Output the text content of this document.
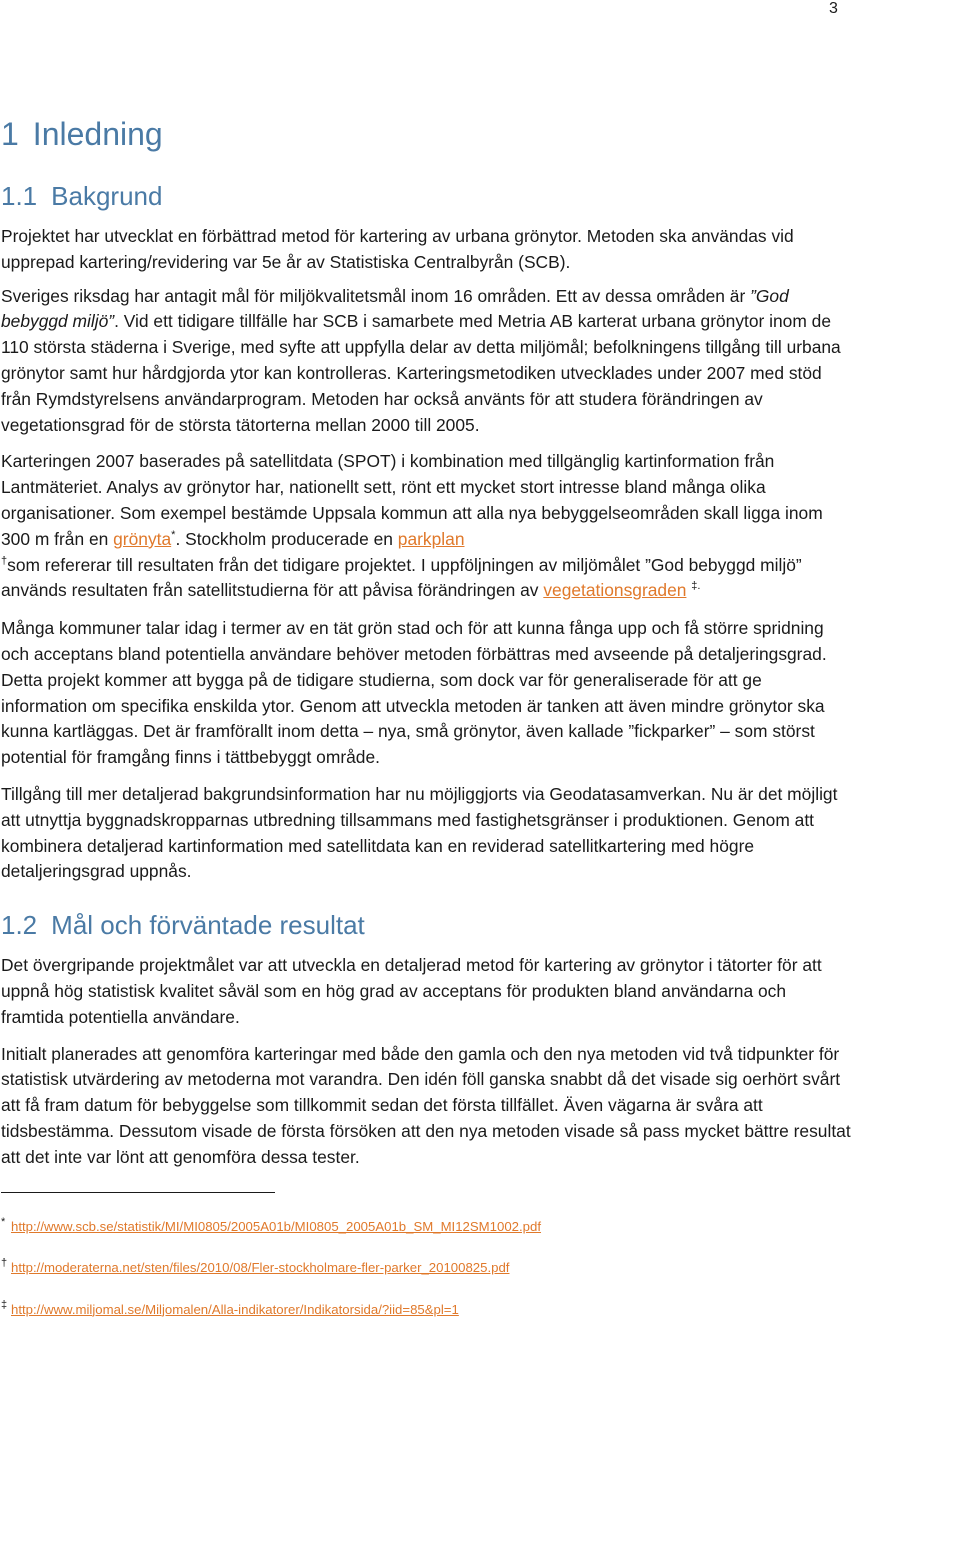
3
1 Inledning
1.1 Bakgrund

Projektet har utvecklat en förbättrad metod för kartering av urbana grönytor. Metoden ska användas vid upprepad kartering/revidering var 5e år av Statistiska Centralbyrån (SCB).

Sveriges riksdag har antagit mål för miljökvalitetsmål inom 16 områden. Ett av dessa områden är ”God bebyggd miljö”. Vid ett tidigare tillfälle har SCB i samarbete med Metria AB karterat urbana grönytor inom de 110 största städerna i Sverige, med syfte att uppfylla delar av detta miljömål; befolkningens tillgång till urbana grönytor samt hur hårdgjorda ytor kan kontrolleras. Karteringsmetodiken utvecklades under 2007 med stöd från Rymdstyrelsens användarprogram. Metoden har också använts för att studera förändringen av vegetationsgrad för de största tätorterna mellan 2000 till 2005.

Karteringen 2007 baserades på satellitdata (SPOT) i kombination med tillgänglig kartinformation från Lantmäteriet. Analys av grönytor har, nationellt sett, rönt ett mycket stort intresse bland många olika organisationer. Som exempel bestämde Uppsala kommun att alla nya bebyggelseområden skall ligga inom 300 m från en grönyta*. Stockholm producerade en parkplan
†som refererar till resultaten från det tidigare projektet. I uppföljningen av miljömålet ”God bebyggd miljö” används resultaten från satellitstudierna för att påvisa förändringen av vegetationsgraden ‡.

Många kommuner talar idag i termer av en tät grön stad och för att kunna fånga upp och få större spridning och acceptans bland potentiella användare behöver metoden förbättras med avseende på detaljeringsgrad. Detta projekt kommer att bygga på de tidigare studierna, som dock var för generaliserade för att ge information om specifika enskilda ytor. Genom att utveckla metoden är tanken att även mindre grönytor ska kunna kartläggas. Det är framförallt inom detta – nya, små grönytor, även kallade ”fickparker” – som störst potential för framgång finns i tättbebyggt område.

Tillgång till mer detaljerad bakgrundsinformation har nu möjliggjorts via Geodatasamverkan. Nu är det möjligt att utnyttja byggnadskropparnas utbredning tillsammans med fastighetsgränser i produktionen. Genom att kombinera detaljerad kartinformation med satellitdata kan en reviderad satellitkartering med högre detaljeringsgrad uppnås.

1.2 Mål och förväntade resultat

Det övergripande projektmålet var att utveckla en detaljerad metod för kartering av grönytor i tätorter för att uppnå hög statistisk kvalitet såväl som en hög grad av acceptans för produkten bland användarna och framtida potentiella användare.

Initialt planerades att genomföra karteringar med både den gamla och den nya metoden vid två tidpunkter för statistisk utvärdering av metoderna mot varandra. Den idén föll ganska snabbt då det visade sig oerhört svårt att få fram datum för bebyggelse som tillkommit sedan det första tillfället. Även vägarna är svåra att tidsbestämma. Dessutom visade de första försöken att den nya metoden visade så pass mycket bättre resultat att det inte var lönt att genomföra dessa tester.

* http://www.scb.se/statistik/MI/MI0805/2005A01b/MI0805_2005A01b_SM_MI12SM1002.pdf
† http://moderaterna.net/sten/files/2010/08/Fler-stockholmare-fler-parker_20100825.pdf
‡ http://www.miljomal.se/Miljomalen/Alla-indikatorer/Indikatorsida/?iid=85&pl=1
